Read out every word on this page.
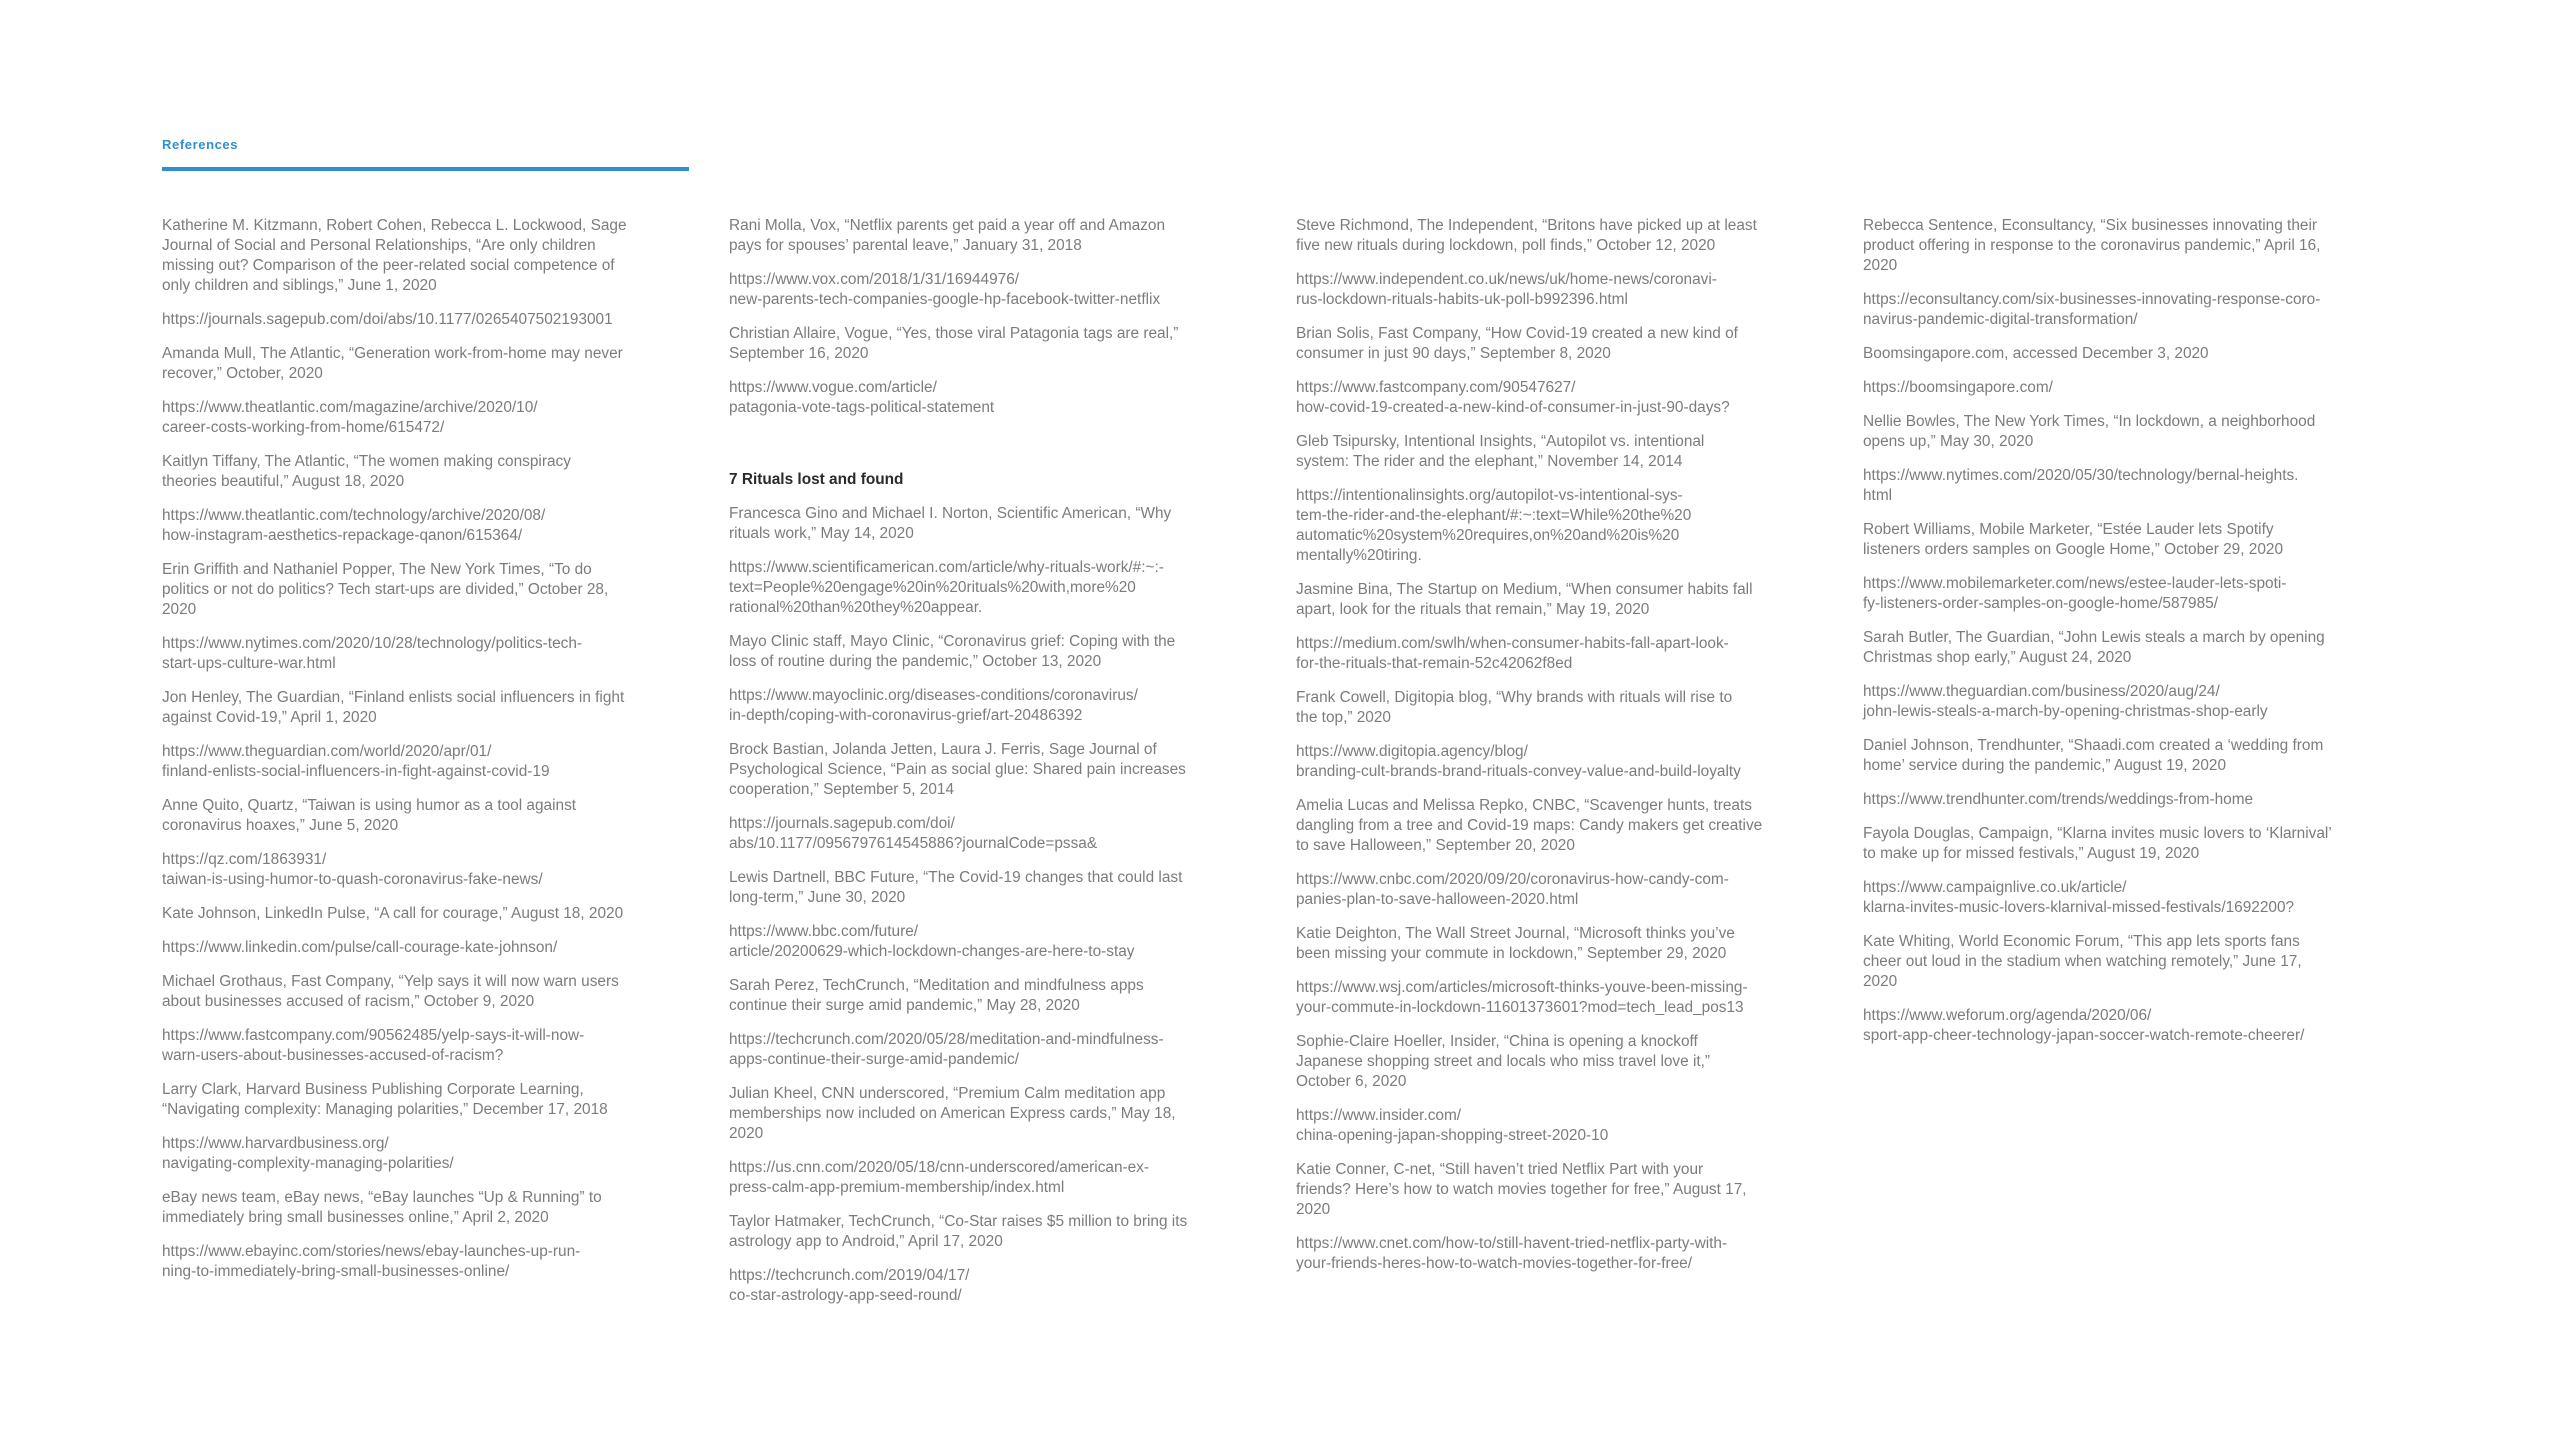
References
Katherine M. Kitzmann, Robert Cohen, Rebecca L. Lockwood, Sage
Journal of Social and Personal Relationships, “Are only children
missing out? Comparison of the peer-related social competence of
only children and siblings,” June 1, 2020
https://journals.sagepub.com/doi/abs/10.1177/0265407502193001
Amanda Mull, The Atlantic, “Generation work-from-home may never
recover,” October, 2020
https://www.theatlantic.com/magazine/archive/2020/10/
career-costs-working-from-home/615472/
Kaitlyn Tiffany, The Atlantic, “The women making conspiracy
theories beautiful,” August 18, 2020
https://www.theatlantic.com/technology/archive/2020/08/
how-instagram-aesthetics-repackage-qanon/615364/
Erin Griffith and Nathaniel Popper, The New York Times, “To do
politics or not do politics? Tech start-ups are divided,” October 28,
2020
https://www.nytimes.com/2020/10/28/technology/politics-tech-
start-ups-culture-war.html
Jon Henley, The Guardian, “Finland enlists social influencers in fight
against Covid-19,” April 1, 2020
https://www.theguardian.com/world/2020/apr/01/
finland-enlists-social-influencers-in-fight-against-covid-19
Anne Quito, Quartz, “Taiwan is using humor as a tool against
coronavirus hoaxes,” June 5, 2020
https://qz.com/1863931/
taiwan-is-using-humor-to-quash-coronavirus-fake-news/
Kate Johnson, LinkedIn Pulse, “A call for courage,” August 18, 2020
https://www.linkedin.com/pulse/call-courage-kate-johnson/
Michael Grothaus, Fast Company, “Yelp says it will now warn users
about businesses accused of racism,” October 9, 2020
https://www.fastcompany.com/90562485/yelp-says-it-will-now-
warn-users-about-businesses-accused-of-racism?
Larry Clark, Harvard Business Publishing Corporate Learning,
“Navigating complexity: Managing polarities,” December 17, 2018
https://www.harvardbusiness.org/
navigating-complexity-managing-polarities/
eBay news team, eBay news, “eBay launches “Up & Running” to
immediately bring small businesses online,” April 2, 2020
https://www.ebayinc.com/stories/news/ebay-launches-up-run-
ning-to-immediately-bring-small-businesses-online/
Rani Molla, Vox, “Netflix parents get paid a year off and Amazon
pays for spouses’ parental leave,” January 31, 2018
https://www.vox.com/2018/1/31/16944976/
new-parents-tech-companies-google-hp-facebook-twitter-netflix
Christian Allaire, Vogue, “Yes, those viral Patagonia tags are real,”
September 16, 2020
https://www.vogue.com/article/
patagonia-vote-tags-political-statement
7 Rituals lost and found
Francesca Gino and Michael I. Norton, Scientific American, “Why
rituals work,” May 14, 2020
https://www.scientificamerican.com/article/why-rituals-work/#:~:-
text=People%20engage%20in%20rituals%20with,more%20
rational%20than%20they%20appear.
Mayo Clinic staff, Mayo Clinic, “Coronavirus grief: Coping with the
loss of routine during the pandemic,” October 13, 2020
https://www.mayoclinic.org/diseases-conditions/coronavirus/
in-depth/coping-with-coronavirus-grief/art-20486392
Brock Bastian, Jolanda Jetten, Laura J. Ferris, Sage Journal of
Psychological Science, “Pain as social glue: Shared pain increases
cooperation,” September 5, 2014
https://journals.sagepub.com/doi/
abs/10.1177/0956797614545886?journalCode=pssa&
Lewis Dartnell, BBC Future, “The Covid-19 changes that could last
long-term,” June 30, 2020
https://www.bbc.com/future/
article/20200629-which-lockdown-changes-are-here-to-stay
Sarah Perez, TechCrunch, “Meditation and mindfulness apps
continue their surge amid pandemic,” May 28, 2020
https://techcrunch.com/2020/05/28/meditation-and-mindfulness-
apps-continue-their-surge-amid-pandemic/
Julian Kheel, CNN underscored, “Premium Calm meditation app
memberships now included on American Express cards,” May 18,
2020
https://us.cnn.com/2020/05/18/cnn-underscored/american-ex-
press-calm-app-premium-membership/index.html
Taylor Hatmaker, TechCrunch, “Co-Star raises $5 million to bring its
astrology app to Android,” April 17, 2020
https://techcrunch.com/2019/04/17/
co-star-astrology-app-seed-round/
Steve Richmond, The Independent, “Britons have picked up at least
five new rituals during lockdown, poll finds,” October 12, 2020
https://www.independent.co.uk/news/uk/home-news/coronavi-
rus-lockdown-rituals-habits-uk-poll-b992396.html
Brian Solis, Fast Company, “How Covid-19 created a new kind of
consumer in just 90 days,” September 8, 2020
https://www.fastcompany.com/90547627/
how-covid-19-created-a-new-kind-of-consumer-in-just-90-days?
Gleb Tsipursky, Intentional Insights, “Autopilot vs. intentional
system: The rider and the elephant,” November 14, 2014
https://intentionalinsights.org/autopilot-vs-intentional-sys-
tem-the-rider-and-the-elephant/#:~:text=While%20the%20
automatic%20system%20requires,on%20and%20is%20
mentally%20tiring.
Jasmine Bina, The Startup on Medium, “When consumer habits fall
apart, look for the rituals that remain,” May 19, 2020
https://medium.com/swlh/when-consumer-habits-fall-apart-look-
for-the-rituals-that-remain-52c42062f8ed
Frank Cowell, Digitopia blog, “Why brands with rituals will rise to
the top,” 2020
https://www.digitopia.agency/blog/
branding-cult-brands-brand-rituals-convey-value-and-build-loyalty
Amelia Lucas and Melissa Repko, CNBC, “Scavenger hunts, treats
dangling from a tree and Covid-19 maps: Candy makers get creative
to save Halloween,” September 20, 2020
https://www.cnbc.com/2020/09/20/coronavirus-how-candy-com-
panies-plan-to-save-halloween-2020.html
Katie Deighton, The Wall Street Journal, “Microsoft thinks you’ve
been missing your commute in lockdown,” September 29, 2020
https://www.wsj.com/articles/microsoft-thinks-youve-been-missing-
your-commute-in-lockdown-11601373601?mod=tech_lead_pos13
Sophie-Claire Hoeller, Insider, “China is opening a knockoff
Japanese shopping street and locals who miss travel love it,”
October 6, 2020
https://www.insider.com/
china-opening-japan-shopping-street-2020-10
Katie Conner, C-net, “Still haven’t tried Netflix Part with your
friends? Here’s how to watch movies together for free,” August 17,
2020
https://www.cnet.com/how-to/still-havent-tried-netflix-party-with-
your-friends-heres-how-to-watch-movies-together-for-free/
Rebecca Sentence, Econsultancy, “Six businesses innovating their
product offering in response to the coronavirus pandemic,” April 16,
2020
https://econsultancy.com/six-businesses-innovating-response-coro-
navirus-pandemic-digital-transformation/
Boomsingapore.com, accessed December 3, 2020
https://boomsingapore.com/
Nellie Bowles, The New York Times, “In lockdown, a neighborhood
opens up,” May 30, 2020
https://www.nytimes.com/2020/05/30/technology/bernal-heights.
html
Robert Williams, Mobile Marketer, “Estée Lauder lets Spotify
listeners orders samples on Google Home,” October 29, 2020
https://www.mobilemarketer.com/news/estee-lauder-lets-spoti-
fy-listeners-order-samples-on-google-home/587985/
Sarah Butler, The Guardian, “John Lewis steals a march by opening
Christmas shop early,” August 24, 2020
https://www.theguardian.com/business/2020/aug/24/
john-lewis-steals-a-march-by-opening-christmas-shop-early
Daniel Johnson, Trendhunter, “Shaadi.com created a ‘wedding from
home’ service during the pandemic,” August 19, 2020
https://www.trendhunter.com/trends/weddings-from-home
Fayola Douglas, Campaign, “Klarna invites music lovers to ‘Klarnival’
to make up for missed festivals,” August 19, 2020
https://www.campaignlive.co.uk/article/
klarna-invites-music-lovers-klarnival-missed-festivals/1692200?
Kate Whiting, World Economic Forum, “This app lets sports fans
cheer out loud in the stadium when watching remotely,” June 17,
2020
https://www.weforum.org/agenda/2020/06/
sport-app-cheer-technology-japan-soccer-watch-remote-cheerer/
